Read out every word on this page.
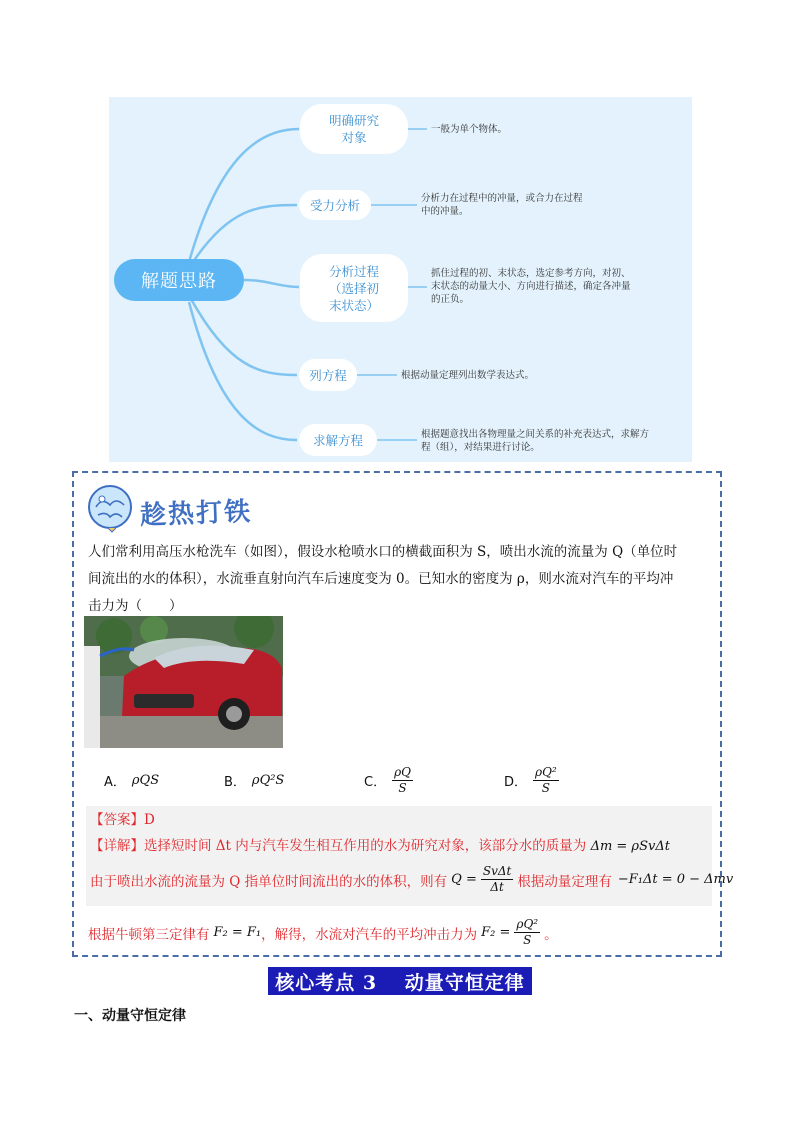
解题思路
明确研究
对象
受力分析
分析过程
（选择初
末状态）
列方程
求解方程
一般为单个物体。
分析力在过程中的冲量，或合力在过程
中的冲量。
抓住过程的初、末状态，选定参考方向，对初、
末状态的动量大小、方向进行描述，确定各冲量
的正负。
根据动量定理列出数学表达式。
根据题意找出各物理量之间关系的补充表达式，求解方
程（组），对结果进行讨论。
趁热打铁
人们常利用高压水枪洗车（如图），假设水枪喷水口的横截面积为 S，喷出水流的流量为 Q（单位时
间流出的水的体积），水流垂直射向汽车后速度变为 0。已知水的密度为 ρ，则水流对汽车的平均冲
击力为（　　）
A． ρQS	B． ρQ²S	C． $\frac{\rho Q}{S}$	D． $\frac{\text{ρQ²}}{S}$
【答案】D
【详解】选择短时间 Δt 内与汽车发生相互作用的水为研究对象，该部分水的质量为 Δm = ρSvΔt
由于喷出水流的流量为 Q 指单位时间流出的水的体积，则有 $Q = \frac{\text{SvΔt}}{\Delta t}$ 根据动量定理有 −F₁Δt = 0 − Δmv
根据牛顿第三定律有 F₂ = F₁ ，解得，水流对汽车的平均冲击力为 $F_2 = \frac{\text{ρQ²}}{S}$ 。
核心考点 3　 动量守恒定律
一、动量守恒定律
